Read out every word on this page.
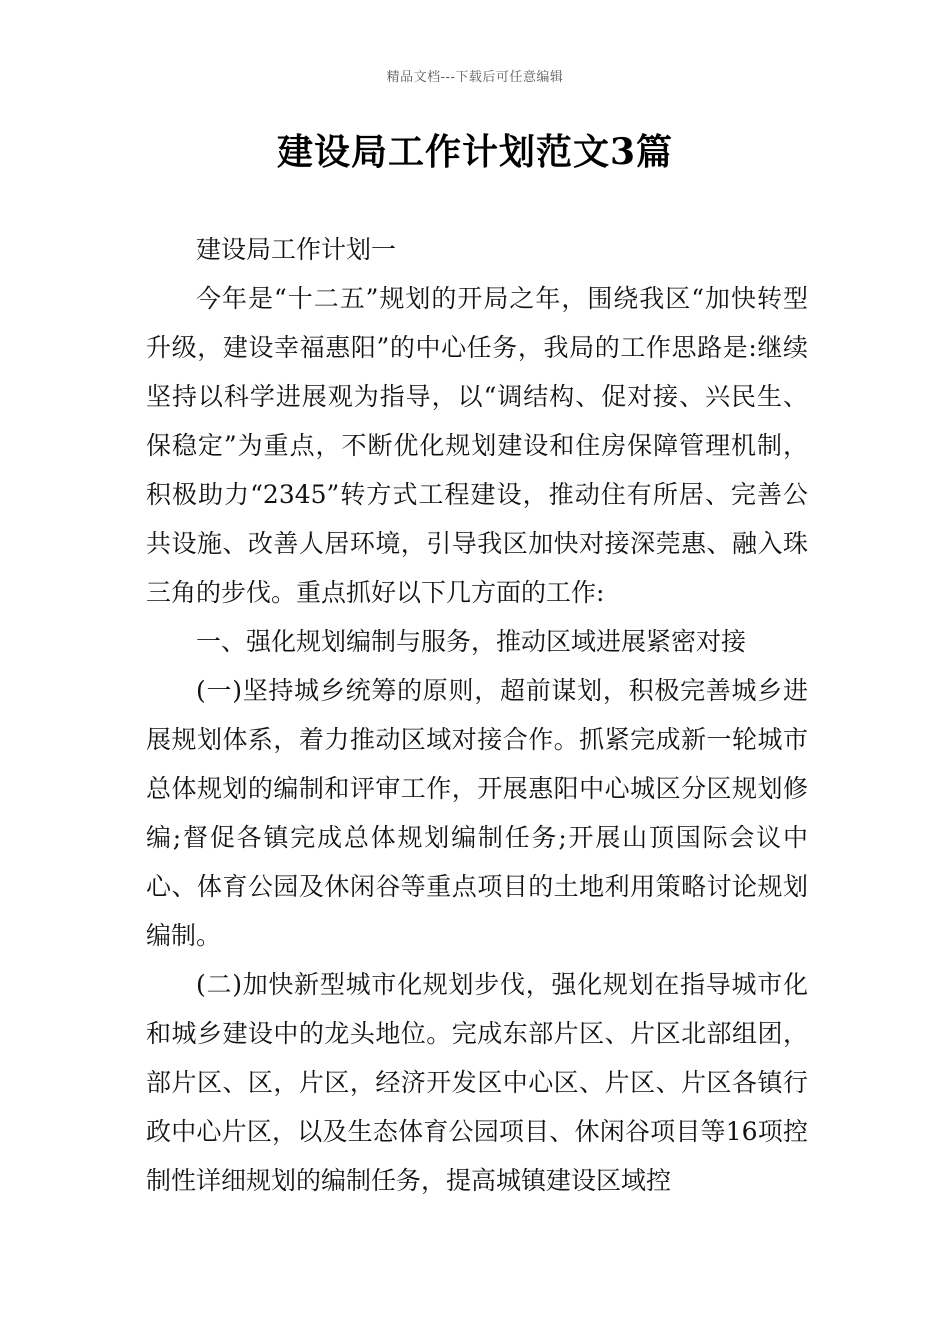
精品文档---下载后可任意编辑
建设局工作计划范文3篇

建设局工作计划一

今年是“十二五”规划的开局之年，围绕我区“加快转型升级，建设幸福惠阳”的中心任务，我局的工作思路是:继续坚持以科学进展观为指导，以“调结构、促对接、兴民生、保稳定”为重点，不断优化规划建设和住房保障管理机制，积极助力“2345”转方式工程建设，推动住有所居、完善公共设施、改善人居环境，引导我区加快对接深莞惠、融入珠三角的步伐。重点抓好以下几方面的工作:

一、强化规划编制与服务，推动区域进展紧密对接

(一)坚持城乡统筹的原则，超前谋划，积极完善城乡进展规划体系，着力推动区域对接合作。抓紧完成新一轮城市总体规划的编制和评审工作，开展惠阳中心城区分区规划修编;督促各镇完成总体规划编制任务;开展山顶国际会议中心、体育公园及休闲谷等重点项目的土地利用策略讨论规划编制。

(二)加快新型城市化规划步伐，强化规划在指导城市化和城乡建设中的龙头地位。完成东部片区、片区北部组团，部片区、区，片区，经济开发区中心区、片区、片区各镇行政中心片区，以及生态体育公园项目、休闲谷项目等16项控制性详细规划的编制任务，提高城镇建设区域控
